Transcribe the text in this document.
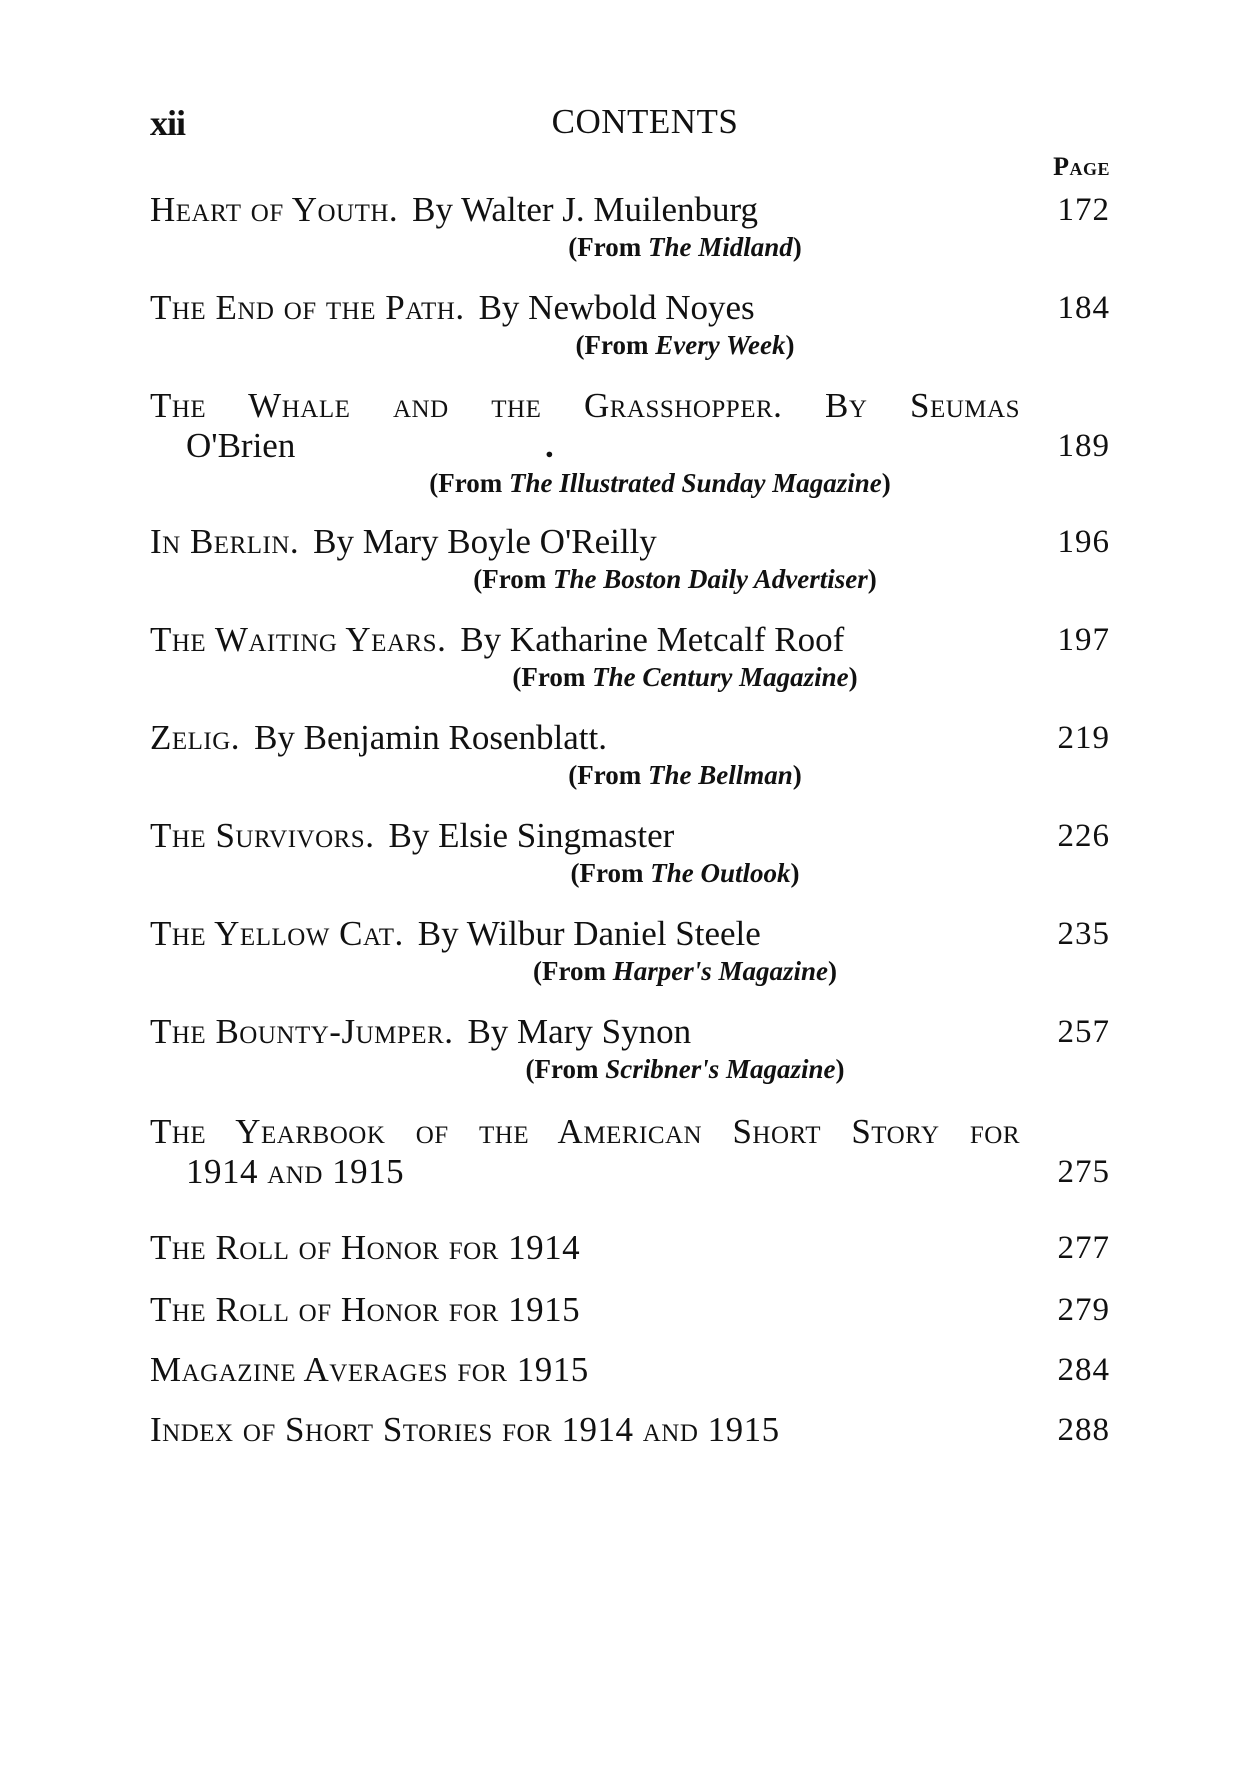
xii	CONTENTS
Page
Heart of Youth. By Walter J. Muilenburg	172
(From The Midland)
The End of the Path. By Newbold Noyes	184
(From Every Week)
The Whale and the Grasshopper. By Seumas
O'Brien	.	189
(From The Illustrated Sunday Magazine)
In Berlin. By Mary Boyle O'Reilly	196
(From The Boston Daily Advertiser)
The Waiting Years. By Katharine Metcalf Roof	197
(From The Century Magazine)
Zelig. By Benjamin Rosenblatt.	219
(From The Bellman)
The Survivors. By Elsie Singmaster	226
(From The Outlook)
The Yellow Cat. By Wilbur Daniel Steele	235
(From Harper's Magazine)
The Bounty-Jumper. By Mary Synon	257
(From Scribner's Magazine)
The Yearbook of the American Short Story for
1914 and 1915	275
The Roll of Honor for 1914	277
The Roll of Honor for 1915	279
Magazine Averages for 1915	284
Index of Short Stories for 1914 and 1915	288
